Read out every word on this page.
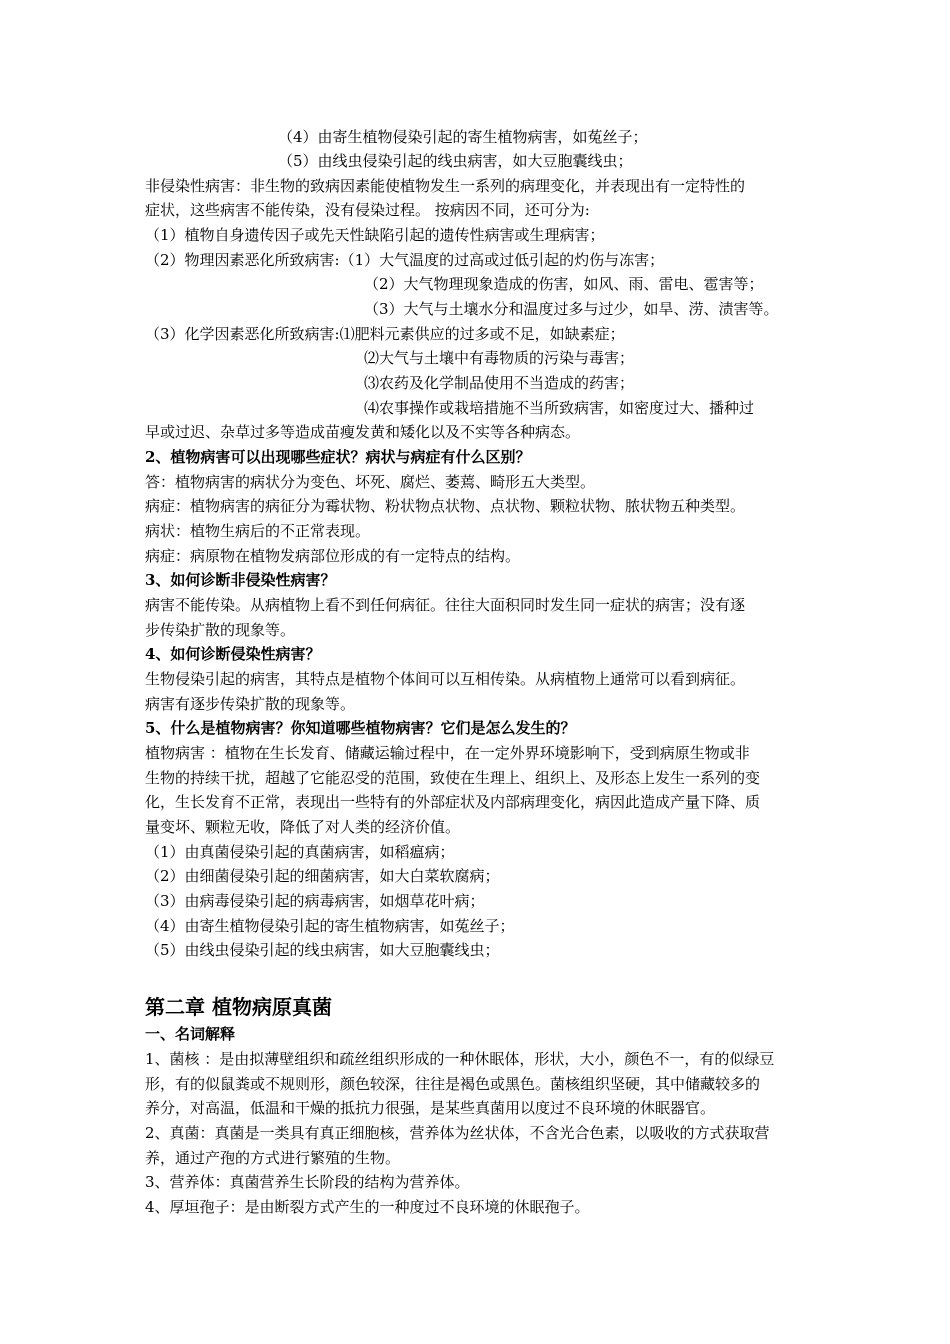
（4）由寄生植物侵染引起的寄生植物病害，如菟丝子；
（5）由线虫侵染引起的线虫病害，如大豆胞囊线虫；
非侵染性病害：非生物的致病因素能使植物发生一系列的病理变化，并表现出有一定特性的
症状，这些病害不能传染，没有侵染过程。 按病因不同，还可分为:
（1）植物自身遗传因子或先天性缺陷引起的遗传性病害或生理病害；
（2）物理因素恶化所致病害:（1）大气温度的过高或过低引起的灼伤与冻害；
（2）大气物理现象造成的伤害，如风、雨、雷电、雹害等；
（3）大气与土壤水分和温度过多与过少，如旱、涝、渍害等。
（3）化学因素恶化所致病害:⑴肥料元素供应的过多或不足，如缺素症；
⑵大气与土壤中有毒物质的污染与毒害；
⑶农药及化学制品使用不当造成的药害；
⑷农事操作或栽培措施不当所致病害，如密度过大、播种过
早或过迟、杂草过多等造成苗瘦发黄和矮化以及不实等各种病态。
2、植物病害可以出现哪些症状？病状与病症有什么区别？
答：植物病害的病状分为变色、坏死、腐烂、萎蔫、畸形五大类型。
病症：植物病害的病征分为霉状物、粉状物点状物、点状物、颗粒状物、脓状物五种类型。
病状：植物生病后的不正常表现。
病症：病原物在植物发病部位形成的有一定特点的结构。
3、如何诊断非侵染性病害？
病害不能传染。从病植物上看不到任何病征。往往大面积同时发生同一症状的病害；没有逐
步传染扩散的现象等。
4、如何诊断侵染性病害？
生物侵染引起的病害，其特点是植物个体间可以互相传染。从病植物上通常可以看到病征。
病害有逐步传染扩散的现象等。
5、什么是植物病害？你知道哪些植物病害？它们是怎么发生的？
植物病害 ：植物在生长发育、储藏运输过程中，在一定外界环境影响下，受到病原生物或非
生物的持续干扰，超越了它能忍受的范围，致使在生理上、组织上、及形态上发生一系列的变
化，生长发育不正常，表现出一些特有的外部症状及内部病理变化，病因此造成产量下降、质
量变坏、颗粒无收，降低了对人类的经济价值。
（1）由真菌侵染引起的真菌病害，如稻瘟病；
（2）由细菌侵染引起的细菌病害，如大白菜软腐病；
（3）由病毒侵染引起的病毒病害，如烟草花叶病；
（4）由寄生植物侵染引起的寄生植物病害，如菟丝子；
（5）由线虫侵染引起的线虫病害，如大豆胞囊线虫；
第二章 植物病原真菌
一、名词解释
1、菌核 ：是由拟薄壁组织和疏丝组织形成的一种休眠体，形状，大小，颜色不一，有的似绿豆
形，有的似鼠粪或不规则形，颜色较深，往往是褐色或黑色。菌核组织坚硬，其中储藏较多的
养分，对高温，低温和干燥的抵抗力很强，是某些真菌用以度过不良环境的休眠器官。
2、真菌：真菌是一类具有真正细胞核，营养体为丝状体，不含光合色素，以吸收的方式获取营
养，通过产孢的方式进行繁殖的生物。
3、营养体：真菌营养生长阶段的结构为营养体。
4、厚垣孢子：是由断裂方式产生的一种度过不良环境的休眠孢子。
